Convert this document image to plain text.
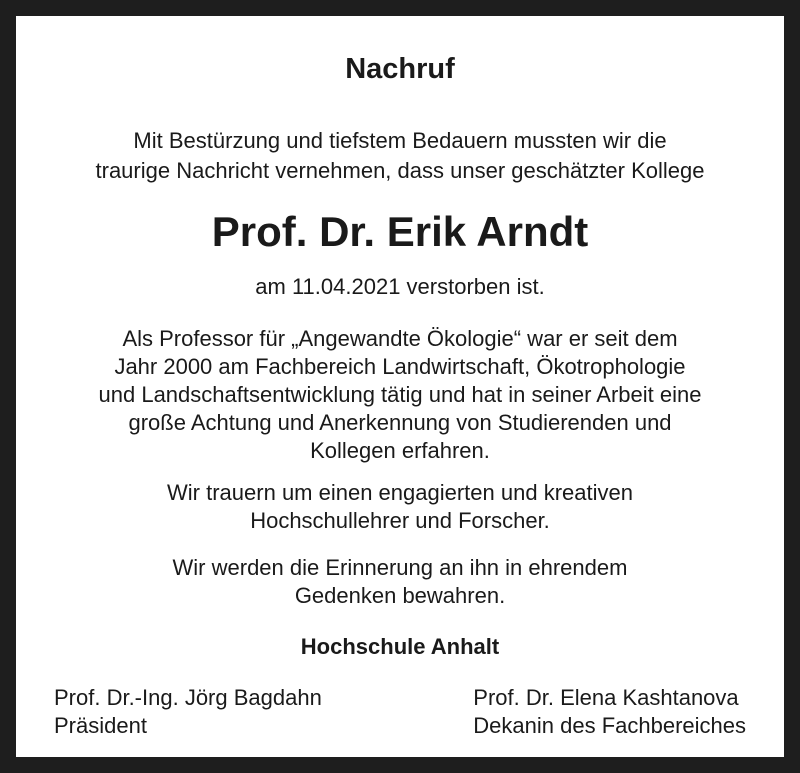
Nachruf
Mit Bestürzung und tiefstem Bedauern mussten wir die
traurige Nachricht vernehmen, dass unser geschätzter Kollege
Prof. Dr. Erik Arndt
am 11.04.2021 verstorben ist.
Als Professor für „Angewandte Ökologie“ war er seit dem
Jahr 2000 am Fachbereich Landwirtschaft, Ökotrophologie
und Landschaftsentwicklung tätig und hat in seiner Arbeit eine
große Achtung und Anerkennung von Studierenden und
Kollegen erfahren.
Wir trauern um einen engagierten und kreativen
Hochschullehrer und Forscher.
Wir werden die Erinnerung an ihn in ehrendem
Gedenken bewahren.
Hochschule Anhalt
Prof. Dr.-Ing. Jörg Bagdahn
Präsident
Prof. Dr. Elena Kashtanova
Dekanin des Fachbereiches
